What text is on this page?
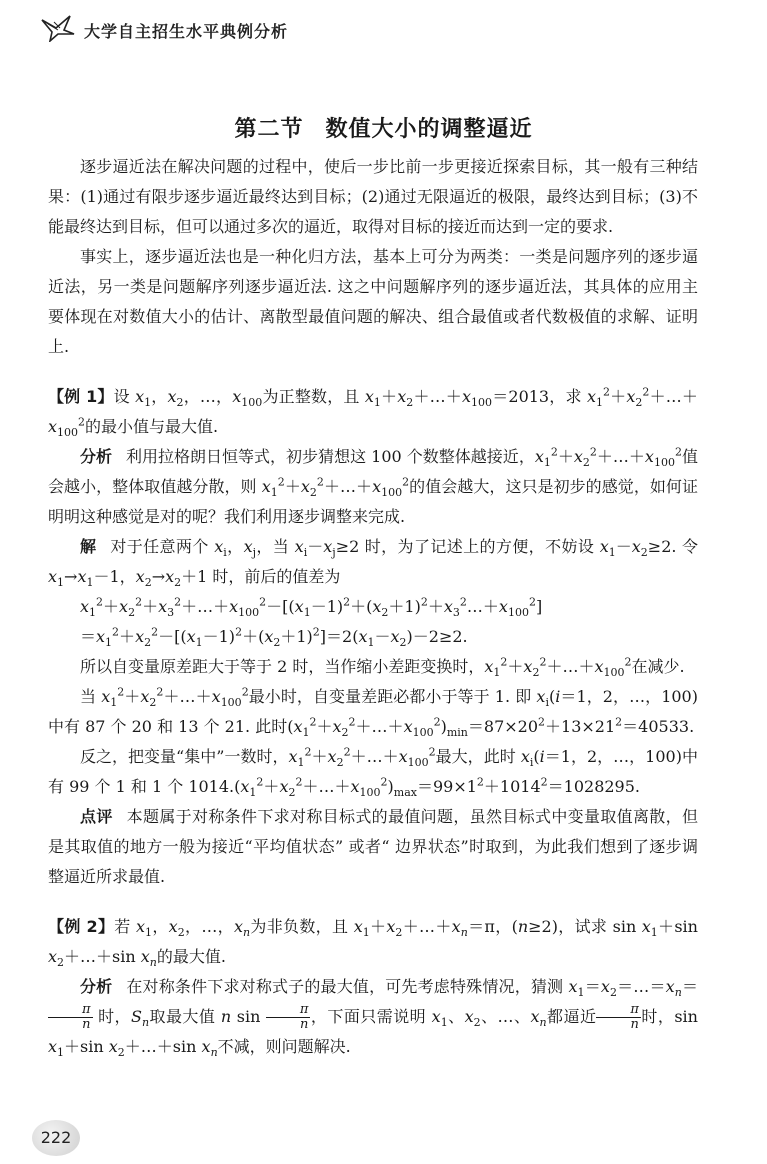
大学自主招生水平典例分析
第二节 数值大小的调整逼近

逐步逼近法在解决问题的过程中，使后一步比前一步更接近探索目标，其一般有三种结果：(1)通过有限步逐步逼近最终达到目标；(2)通过无限逼近的极限，最终达到目标；(3)不能最终达到目标，但可以通过多次的逼近，取得对目标的接近而达到一定的要求.

事实上，逐步逼近法也是一种化归方法，基本上可分为两类：一类是问题序列的逐步逼近法，另一类是问题解序列逐步逼近法. 这之中问题解序列的逐步逼近法，其具体的应用主要体现在对数值大小的估计、离散型最值问题的解决、组合最值或者代数极值的求解、证明上.

【例 1】设 $x_1$，$x_2$，…，$x_{100}$为正整数，且 $x_1+x_2+\dots+x_{100}=2013$，求 $x_1^2+x_2^2+\dots+x_{100}^2$的最小值与最大值.

分析 利用拉格朗日恒等式，初步猜想这 100 个数整体越接近，$x_1^2+x_2^2+\dots+x_{100}^2$值会越小，整体取值越分散，则 $x_1^2+x_2^2+\dots+x_{100}^2$的值会越大，这只是初步的感觉，如何证明明这种感觉是对的呢？我们利用逐步调整来完成.

解 对于任意两个 $x_i$，$x_j$，当 $x_i-x_j\ge 2$ 时，为了记述上的方便，不妨设 $x_1-x_2\ge 2$. 令 $x_1\to x_1-1$，$x_2\to x_2+1$ 时，前后的值差为

$x_1^2+x_2^2+x_3^2+\dots+x_{100}^2-[(x_1-1)^2+(x_2+1)^2+x_3^2\dots+x_{100}^2]$

$=x_1^2+x_2^2-[(x_1-1)^2+(x_2+1)^2]=2(x_1-x_2)-2\ge 2$.

所以自变量原差距大于等于 2 时，当作缩小差距变换时，$x_1^2+x_2^2+\dots+x_{100}^2$在减少.

当 $x_1^2+x_2^2+\dots+x_{100}^2$最小时，自变量差距必都小于等于 1. 即 $x_i(i=1$，2，…，100)中有 87 个 20 和 13 个 21. 此时$(x_1^2+x_2^2+\dots+x_{100}^2)_{min}=87\times 20^2+13\times 21^2=40533$.

反之，把变量“集中”一数时，$x_1^2+x_2^2+\dots+x_{100}^2$最大，此时 $x_i(i=1$，2，…，100)中有 99 个 1 和 1 个 $1014.(x_1^2+x_2^2+\dots+x_{100}^2)_{max}=99\times 1^2+1014^2=1028295$.

点评 本题属于对称条件下求对称目标式的最值问题，虽然目标式中变量取值离散，但是其取值的地方一般为接近“平均值状态” 或者“ 边界状态”时取到，为此我们想到了逐步调整逼近所求最值.

【例 2】若 $x_1$，$x_2$，…，$x_n$为非负数，且 $x_1+x_2+\dots+x_n=\pi$，(n≥2)，试求 $\sin x_1+\sin$ $x_2+\dots+\sin$ $x_n$的最大值.

分析 在对称条件下求对称式子的最大值，可先考虑特殊情况，猜测 $x_1=x_2=\dots=x_n=$
$\frac{\pi}{n}$ 时，$S_n$取最大值 n $\sin \frac{\pi}{n}$ ，下面只需说明 $x_1$、$x_2$、…、$x_n$都逼近 $\frac{\pi}{n}$ 时，$\sin x_1+\sin$ $x_2+\dots+\sin$ $x_n$不减，则问题解决.

222
